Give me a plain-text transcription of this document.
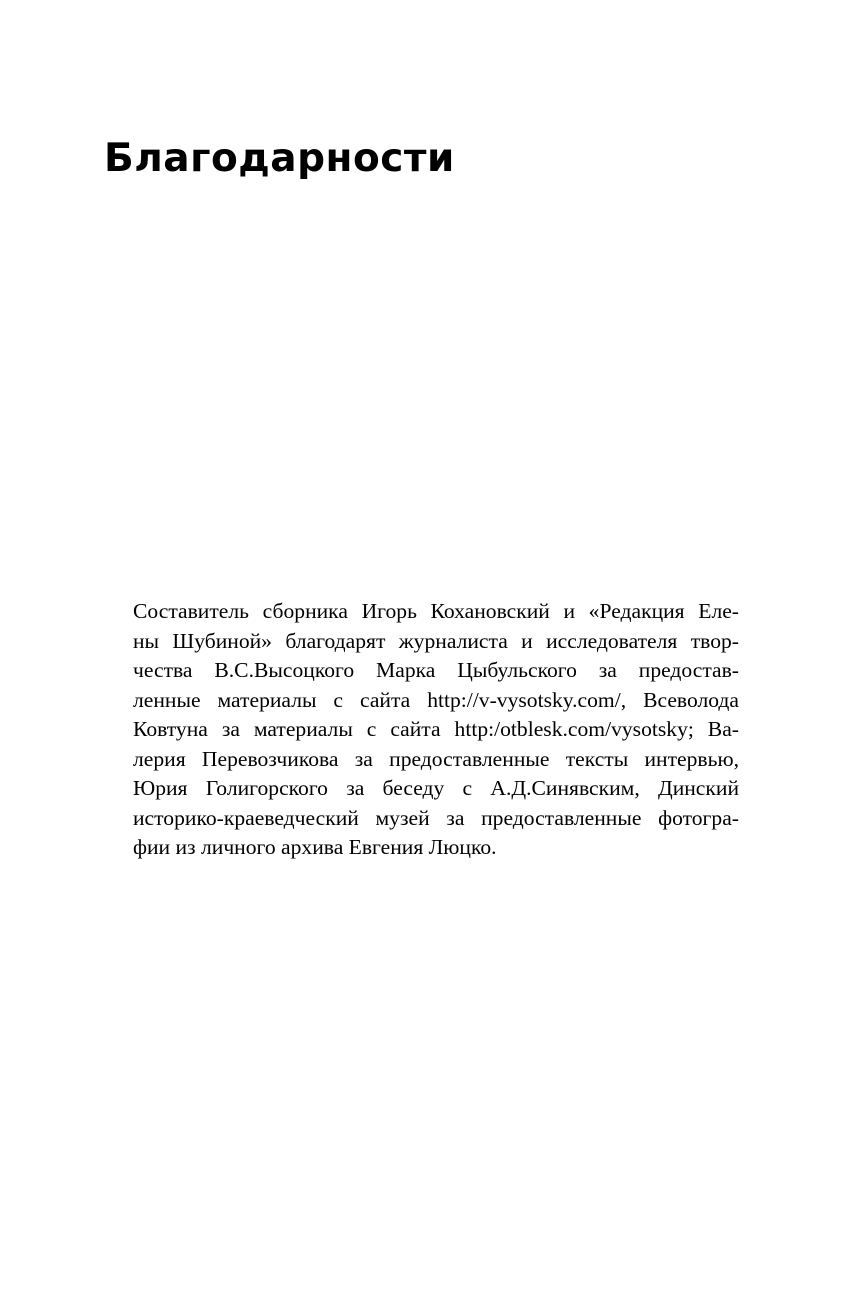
Благодарности
Составитель сборника Игорь Кохановский и «Редакция Еле-
ны Шубиной» благодарят журналиста и исследователя твор-
чества В.С.Высоцкого Марка Цыбульского за предостав-
ленные материалы с сайта http://v-vysotsky.com/, Всеволода
Ковтуна за материалы с сайта http:/otblesk.com/vysotsky; Ва-
лерия Перевозчикова за предоставленные тексты интервью,
Юрия Голигорского за беседу с А.Д.Синявским, Динский
историко-краеведческий музей за предоставленные фотогра-
фии из личного архива Евгения Люцко.
